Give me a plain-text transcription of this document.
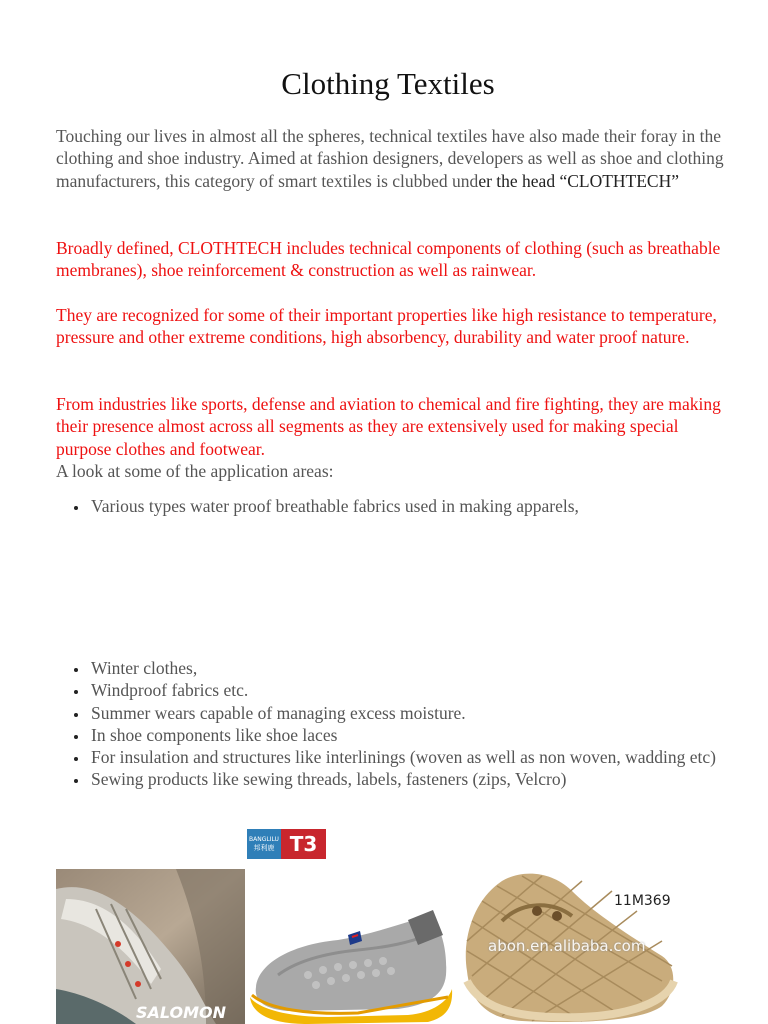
Clothing Textiles

Touching our lives in almost all the spheres, technical textiles have also made their foray in the clothing and shoe industry. Aimed at fashion designers, developers as well as shoe and clothing manufacturers, this category of smart textiles is clubbed under the head “CLOTHTECH”

Broadly defined, CLOTHTECH includes technical components of clothing (such as breathable membranes), shoe reinforcement & construction as well as rainwear.

They are recognized for some of their important properties like high resistance to temperature, pressure and other extreme conditions, high absorbency, durability and water proof nature.

From industries like sports, defense and aviation to chemical and fire fighting, they are making their presence almost across all segments as they are extensively used for making special purpose clothes and footwear.

A look at some of the application areas:

Various types water proof breathable fabrics used in making apparels,
Winter clothes,
Windproof fabrics etc.
Summer wears capable of managing excess moisture.
In shoe components like shoe laces
For insulation and structures like interlinings (woven as well as non woven, wadding etc)
Sewing products like sewing threads, labels, fasteners (zips, Velcro)
BANGLILU
邦利鹿 T3
SALOMON
11M369
abon.en.alibaba.com
